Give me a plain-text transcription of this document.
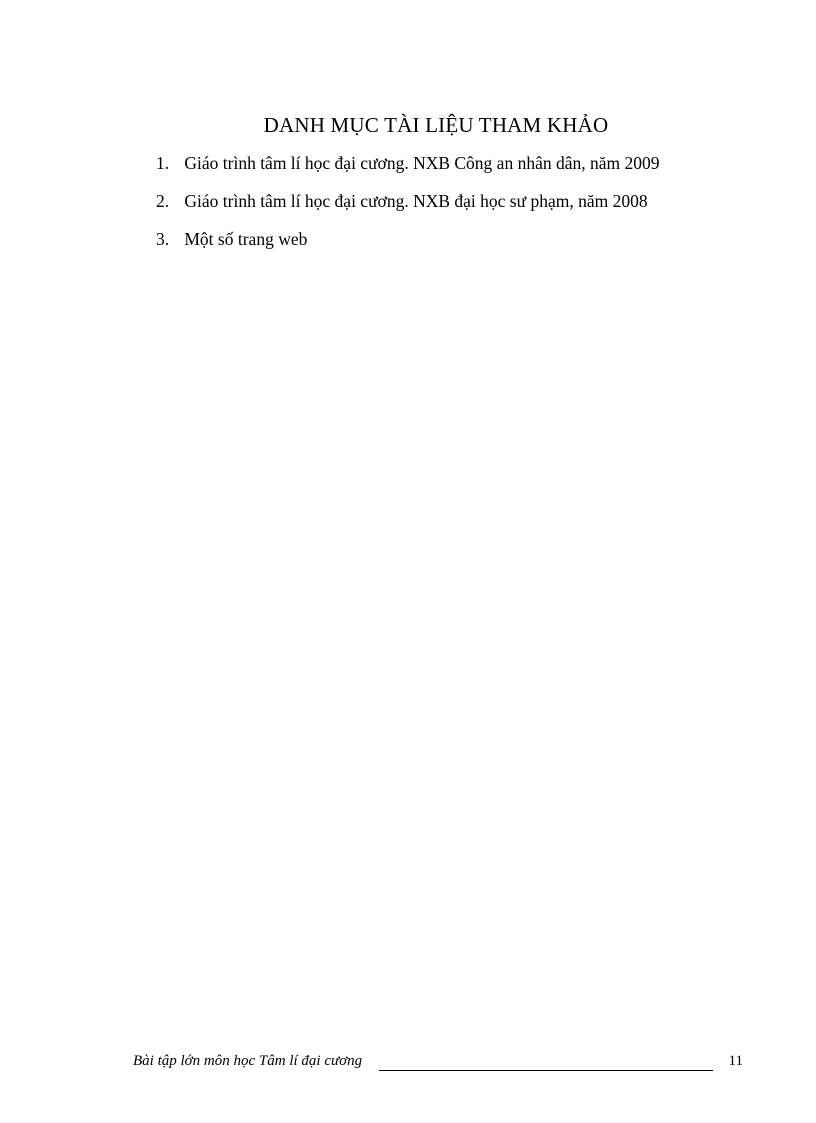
DANH MỤC TÀI LIỆU THAM KHẢO
1. Giáo trình tâm lí học đại cương. NXB Công an nhân dân, năm 2009
2. Giáo trình tâm lí học đại cương. NXB đại học sư phạm, năm 2008
3. Một số trang web
Bài tập lớn môn học Tâm lí đại cương	11
